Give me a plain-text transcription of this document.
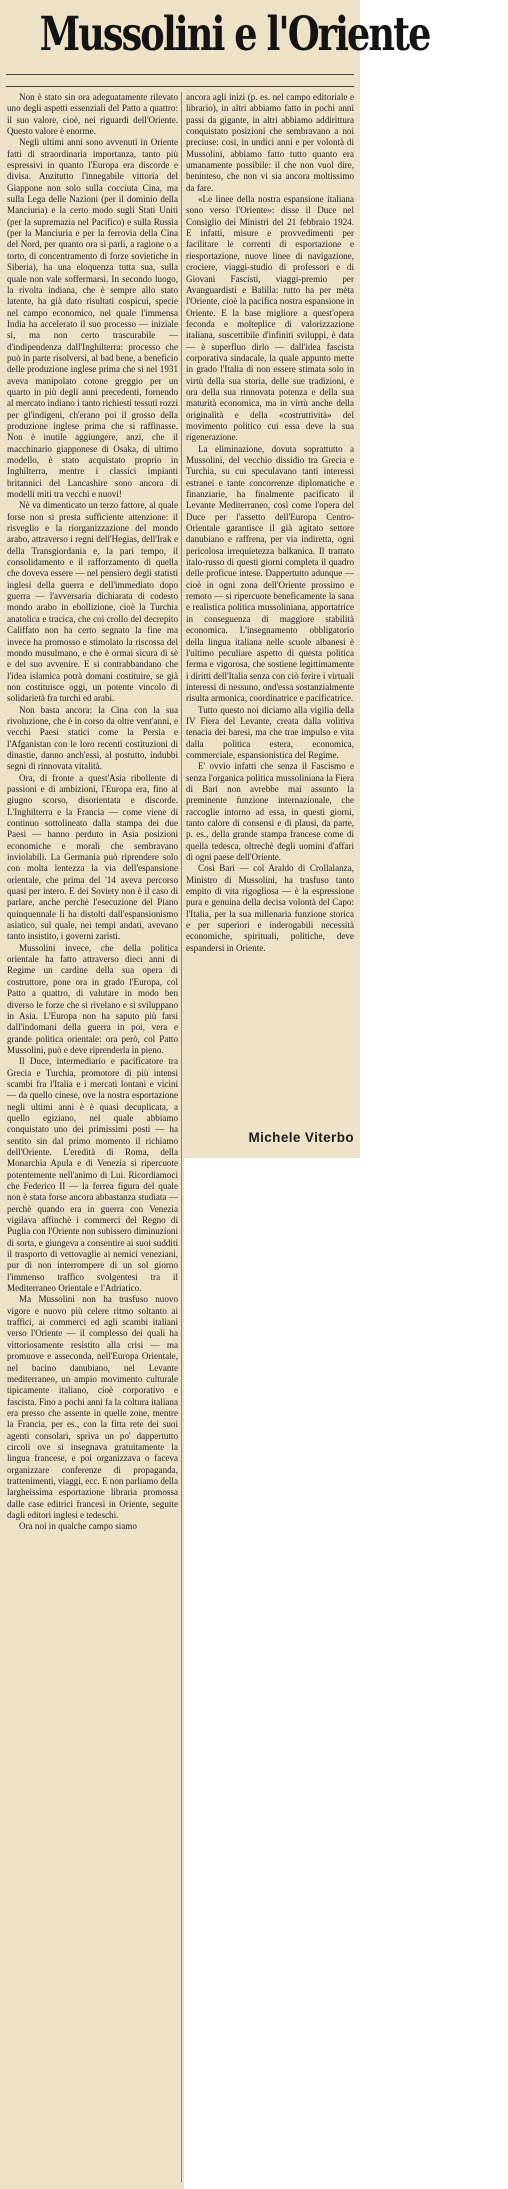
Mussolini e l'Oriente

Non è stato sin ora adeguatamente rilevato uno degli aspetti essenziali del Patto a quattro: il suo valore, cioè, nei riguardi dell'Oriente. Questo valore è enorme.

Negli ultimi anni sono avvenuti in Oriente fatti di straordinaria importanza, tanto più espressivi in quanto l'Europa era discorde e divisa. Anzitutto l'innegabile vittoria del Giappone non solo sulla cocciuta Cina, ma sulla Lega delle Nazioni (per il dominio della Manciuria) e la certo modo sugli Stati Uniti (per la supremazia nel Pacifico) e sulla Russia (per la Manciuria e per la ferrovia della Cina del Nord, per quanto ora si parli, a ragione o a torto, di concentramento di forze sovietiche in Siberia), ha una eloquenza tutta sua, sulla quale non vale soffermarsi. In secondo luogo, la rivolta indiana, che è sempre allo stato latente, ha già dato risultati cospicui, specie nel campo economico, nel quale l'immensa India ha accelerato il suo processo — iniziale si, ma non certo trascurabile — d'indipendenza dall'Inghilterra: processo che può in parte risolversi, al bad bene, a beneficio delle produzione inglese prima che si nel 1931 aveva manipolato cotone greggio per un quarto in più degli anni precedenti, fornendo al mercato indiano i tanto richiesti tessuti rozzi per gl'indigeni, ch'erano poi il grosso della produzione inglese prima che si raffinasse. Non è inutile aggiungere, anzi, che il macchinario giapponese di Osaka, di ultimo modello, è stato acquistato proprio in Inghilterra, mentre i classici impianti britannici del Lancashire sono ancora di modelli miti tra vecchi e nuovi!

Nè va dimenticato un terzo fattore, al quale forse non si presta sufficiente attenzione: il risveglio e la riorganizzazione del mondo arabo, attraverso i regni dell'Hegias, dell'Irak e della Transgiordania e, la pari tempo, il consolidamento e il rafforzamento di quella che doveva essere — nel pensiero degli statisti inglesi della guerra e dell'immediato dopo guerra — l'avversaria dichiarata di codesto mondo arabo in ebollizione, cioè la Turchia anatolica e tracica, che coi crollo del decrepito Califfato non ha certo segnato la fine ma invece ha promosso e stimolato la riscossa del mondo musulmano, e che è ormai sicura di sè e del suo avvenire. E si contrabbandano che l'idea islamica potrà domani costituire, se già non costituisce oggi, un potente vincolo di solidarietà fra turchi ed arabi.

Non basta ancora: la Cina con la sua rivoluzione, che è in corso da oltre vent'anni, e vecchi Paesi statici come la Persia e l'Afganistan con le loro recenti costituzioni di dinastie, danno anch'essi, al postutto, indubbi segni di rinnovata vitalità.

Ora, di fronte a quest'Asia ribollente di passioni e di ambizioni, l'Europa era, fino al giugno scorso, disorientata e discorde. L'Inghilterra e la Francia — come viene di continuo sottolineato dalla stampa dei due Paesi — hanno perduto in Asia posizioni economiche e morali che sembravano inviolabili. La Germania può riprendere solo con molta lentezza la via dell'espansione orientale, che prima del '14 aveva percorso quasi per intero. E dei Soviety non è il caso di parlare, anche perchè l'esecuzione del Piano quinquennale li ha distolti dall'espansionismo asiatico, sul quale, nei tempi andati, avevano tanto insistito, i governi zaristi.

Mussolini invece, che della politica orientale ha fatto attraverso dieci anni di Regime un cardine della sua opera di costruttore, pone ora in grado l'Europa, col Patto a quattro, di valutare in modo ben diverso le forze che si rivelano e si sviluppano in Asia. L'Europa non ha saputo più farsi dall'indomani della guerra in poi, vera e grande politica orientale: ora però, col Patto Mussolini, può e deve riprenderla in pieno.

Il Duce, intermediario e pacificatore tra Grecia e Turchia, promotore di più intensi scambi fra l'Italia e i mercati lontani e vicini — da quello cinese, ove la nostra esportazione negli ultimi anni è è quasi decuplicata, a quello egiziano, nel quale abbiamo conquistato uno dei primissimi posti — ha sentito sin dal primo momento il richiamo dell'Oriente. L'eredità di Roma, della Monarchia Apula e di Venezia si ripercuote potentemente nell'animo di Lui. Ricordiamoci che Federico II — la ferrea figura del quale non è stata forse ancora abbastanza studiata — perchè quando era in guerra con Venezia vigilava affinchè i commerci del Regno di Puglia con l'Oriente non subissero diminuzioni di sorta, e giungeva a consentire ai suoi sudditi il trasporto di vettovaglie ai nemici veneziani, pur di non interrompere di un sol giorno l'immenso traffico svolgentesi tra il Mediterraneo Orientale e l'Adriatico.

Ma Mussolini non ha trasfuso nuovo vigore e nuovo più celere ritmo soltanto ai traffici, ai commerci ed agli scambi italiani verso l'Oriente — il complesso dei quali ha vittoriosamente resistito alla crisi — ma promuove e asseconda, nell'Europa Orientale, nel bacino danubiano, nel Levante mediterraneo, un ampio movimento culturale tipicamente italiano, cioè corporativo e fascista. Fino a pochi anni fa la coltura italiana era presso che assente in quelle zone, mentre la Francia, per es., con la fitta rete dei suoi agenti consolari, spriva un po' dappertutto circoli ove si insegnava gratuitamente la lingua francese, e poi organizzava o faceva organizzare conferenze di propaganda, trattenimenti, viaggi, ecc. E non parliamo della largheissima esportazione libraria promossa dalle case editrici francesi in Oriente, seguite dagli editori inglesi e tedeschi.

Ora noi in qualche campo siamo

ancora agli inizi (p. es. nel campo editoriale e librario), in altri abbiamo fatto in pochi anni passi da gigante, in altri abbiamo addirittura conquistato posizioni che sembravano a noi preciuse: così, in undici anni e per volontà di Mussolini, abbiamo fatto tutto quanto era umanamente possibile: il che non vuol dire, beninteso, che non vi sia ancora moltissimo da fare.

«Le linee della nostra espansione italiana sono verso l'Oriente»: disse il Duce nel Consiglio dei Ministri del 21 febbraio 1924. E infatti, misure e provvedimenti per facilitare le correnti di esportazione e riesportazione, nuove linee di navigazione, crociere, viaggi-studio di professori e di Giovani Fascisti, viaggi-premio per Avanguardisti e Balilla: tutto ha per mèta l'Oriente, cioè la pacifica nostra espansione in Oriente. E la base migliore a quest'opera feconda e molteplice di valorizzazione italiana, suscettibile d'infiniti sviluppi, è data — è superfluo dirlo — dall'idea fascista corporativa sindacale, la quale appunto mette in grado l'Italia di non essere stimata solo in virtù della sua storia, delle sue tradizioni, e ora della sua rinnovata potenza e della sua maturità economica, ma in virtù anche della originalità e della «costruttività» del movimento politico cui essa deve la sua rigenerazione.

La eliminazione, dovuta soprattutto a Mussolini, del vecchio dissidio tra Grecia e Turchia, su cui speculavano tanti interessi estranei e tante concorrenze diplomatiche e finanziarie, ha finalmente pacificato il Levante Mediterraneo, così come l'opera del Duce per l'assetto dell'Europa Centro-Orientale garantisce il già agitato settore danubiano e raffrena, per via indiretta, ogni pericolosa irrequietezza balkanica. Il trattato italo-russo di questi giorni completa il quadro delle proficue intese. Dappertutto adunque — cioè in ogni zona dell'Oriente prossimo e remoto — si ripercuote beneficamente la sana e realistica politica mussoliniana, apportatrice in conseguenza di maggiore stabilità economica. L'insegnamento obbligatorio della lingua italiana nelle scuole albanesi è l'ultimo peculiare aspetto di questa politica ferma e vigorosa, che sostiene legittimamente i diritti dell'Italia senza con ciò ferire i virtuali interessi di nessuno, ond'essa sostanzialmente risulta armonica, coordinatrice e pacificatrice.

Tutto questo noi diciamo alla vigilia della IV Fiera del Levante, creata dalla volitiva tenacia dei baresi, ma che trae impulso e vita dalla politica estera, economica, commerciale, espansionistica del Regime.

E' ovvio infatti che senza il Fascismo e senza l'organica politica mussoliniana la Fiera di Bari non avrebbe mai assunto la preminente funzione internazionale, che raccoglie intorno ad essa, in questi giorni, tanto calore di consensi e di plausi, da parte, p. es., della grande stampa francese come di quella tedesca, oltrechè degli uomini d'affari di ogni paese dell'Oriente.

Così Bari — col Araldo di Crollalanza, Ministro di Mussolini, ha trasfuso tanto empito di vita rigogliosa — è la espressione pura e genuina della decisa volontà del Capo: l'Italia, per la sua millenaria funzione storica e per superiori e inderogabili necessità economiche, spirituali, politiche, deve espandersi in Oriente.

Michele Viterbo
